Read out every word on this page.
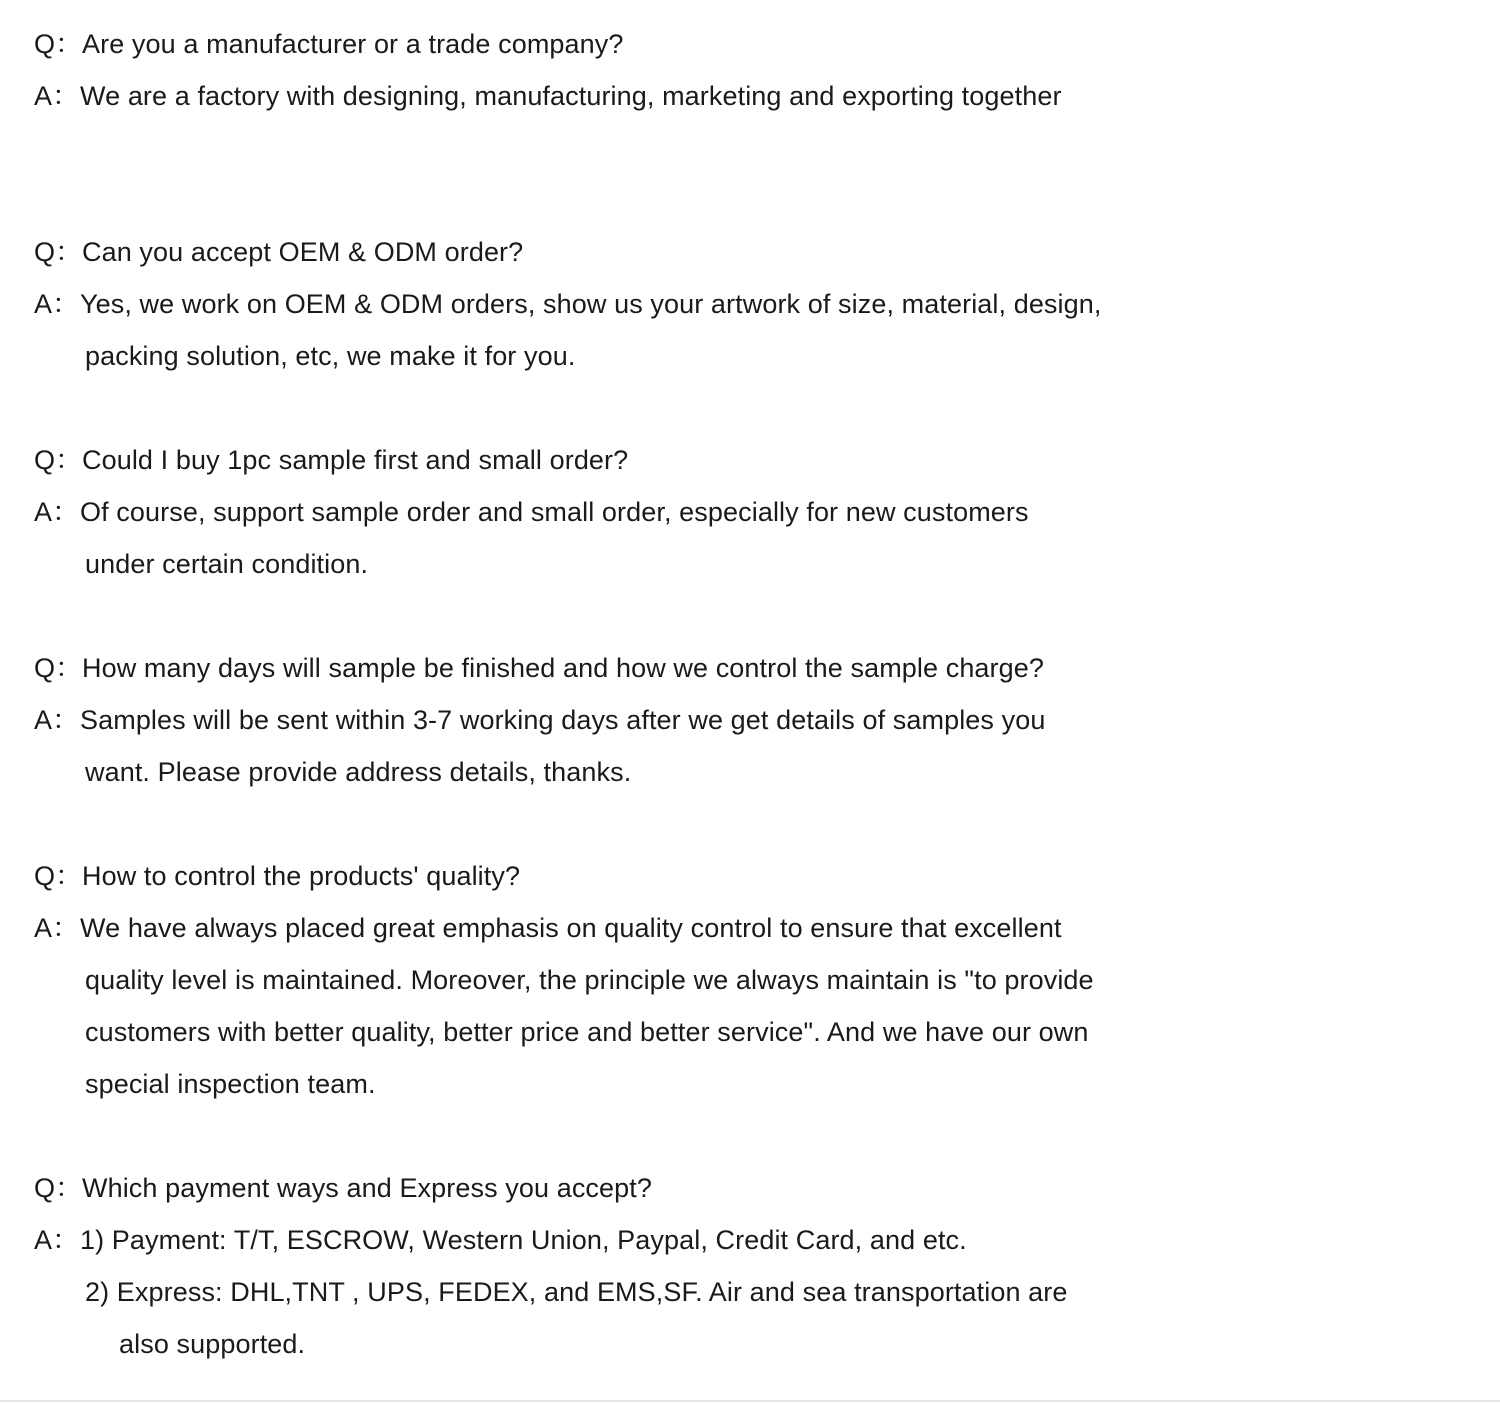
Q：Are you a manufacturer or a trade company?
A：We are a factory with designing, manufacturing, marketing and exporting together
Q：Can you accept OEM & ODM order?
A：Yes, we work on OEM & ODM orders, show us your artwork of size, material, design,
packing solution, etc, we make it for you.
Q：Could I buy 1pc sample first and small order?
A：Of course, support sample order and small order, especially for new customers
under certain condition.
Q：How many days will sample be finished and how we control the sample charge?
A：Samples will be sent within 3-7 working days after we get details of samples you
want. Please provide address details, thanks.
Q：How to control the products' quality?
A：We have always placed great emphasis on quality control to ensure that excellent
quality level is maintained. Moreover, the principle we always maintain is "to provide
customers with better quality, better price and better service". And we have our own
special inspection team.
Q：Which payment ways and Express you accept?
A：1) Payment: T/T, ESCROW, Western Union, Paypal, Credit Card, and etc.
2) Express: DHL,TNT , UPS, FEDEX, and EMS,SF. Air and sea transportation are
also supported.
